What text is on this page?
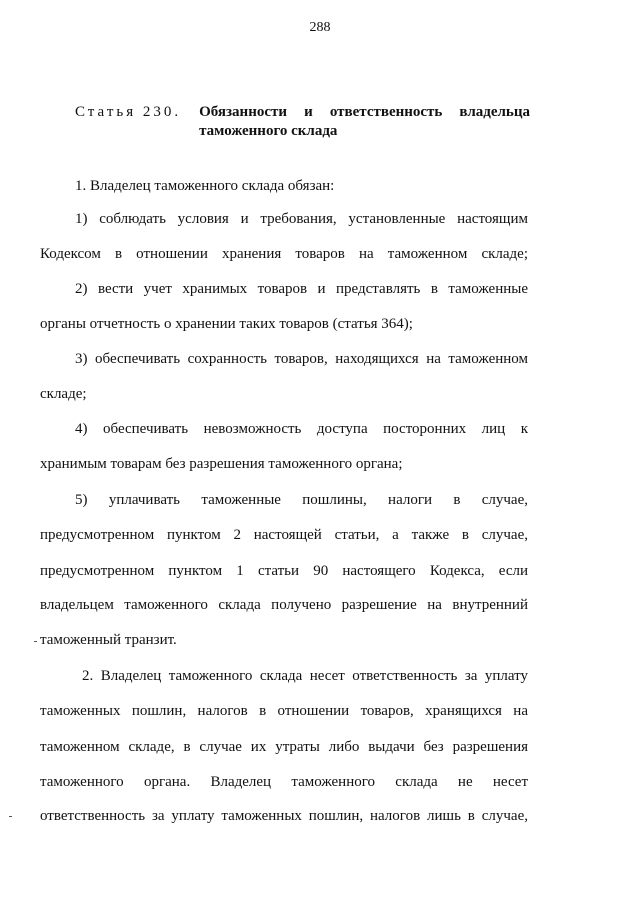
288
Статья 230. Обязанности и ответственность владельца
таможенного склада
1. Владелец таможенного склада обязан:
1) соблюдать условия и требования, установленные настоящим
Кодексом в отношении хранения товаров на таможенном складе;
2) вести учет хранимых товаров и представлять в таможенные
органы отчетность о хранении таких товаров (статья 364);
3) обеспечивать сохранность товаров, находящихся на таможенном
складе;
4) обеспечивать невозможность доступа посторонних лиц к
хранимым товарам без разрешения таможенного органа;
5) уплачивать таможенные пошлины, налоги в случае,
предусмотренном пунктом 2 настоящей статьи, а также в случае,
предусмотренном пунктом 1 статьи 90 настоящего Кодекса, если
владельцем таможенного склада получено разрешение на внутренний
таможенный транзит.
2. Владелец таможенного склада несет ответственность за уплату
таможенных пошлин, налогов в отношении товаров, хранящихся на
таможенном складе, в случае их утраты либо выдачи без разрешения
таможенного органа. Владелец таможенного склада не несет
ответственность за уплату таможенных пошлин, налогов лишь в случае,
